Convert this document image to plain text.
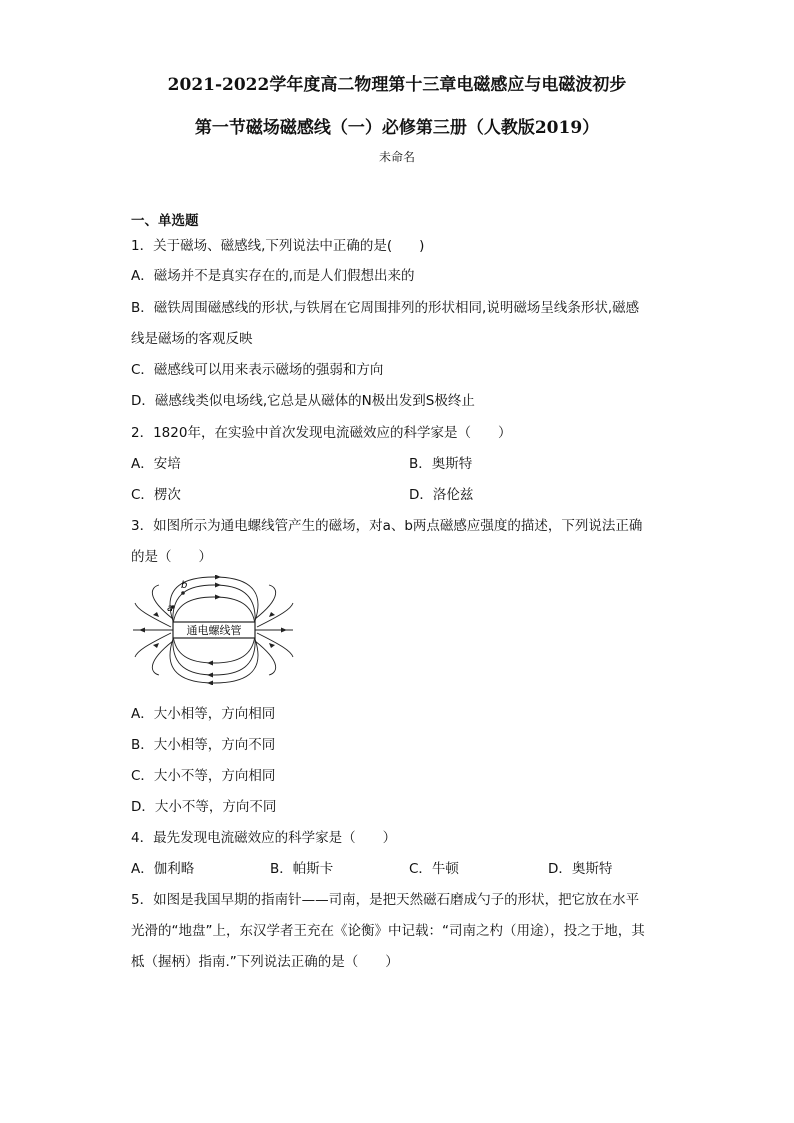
2021-2022学年度高二物理第十三章电磁感应与电磁波初步
第一节磁场磁感线（一）必修第三册（人教版2019）
未命名
一、单选题
1．关于磁场、磁感线,下列说法中正确的是(　　)
A．磁场并不是真实存在的,而是人们假想出来的
B．磁铁周围磁感线的形状,与铁屑在它周围排列的形状相同,说明磁场呈线条形状,磁感
线是磁场的客观反映
C．磁感线可以用来表示磁场的强弱和方向
D．磁感线类似电场线,它总是从磁体的N极出发到S极终止
2．1820年，在实验中首次发现电流磁效应的科学家是（　　）
A．安培	B．奥斯特
C．楞次	D．洛伦兹
3．如图所示为通电螺线管产生的磁场，对a、b两点磁感应强度的描述，下列说法正确
的是（　　）
通电螺线管
a
b
A．大小相等，方向相同
B．大小相等，方向不同
C．大小不等，方向相同
D．大小不等，方向不同
4．最先发现电流磁效应的科学家是（　　）
A．伽利略	B．帕斯卡	C．牛顿	D．奥斯特
5．如图是我国早期的指南针——司南，是把天然磁石磨成勺子的形状，把它放在水平
光滑的“地盘”上，东汉学者王充在《论衡》中记载：“司南之杓（用途），投之于地，其
柢（握柄）指南.”下列说法正确的是（　　）
